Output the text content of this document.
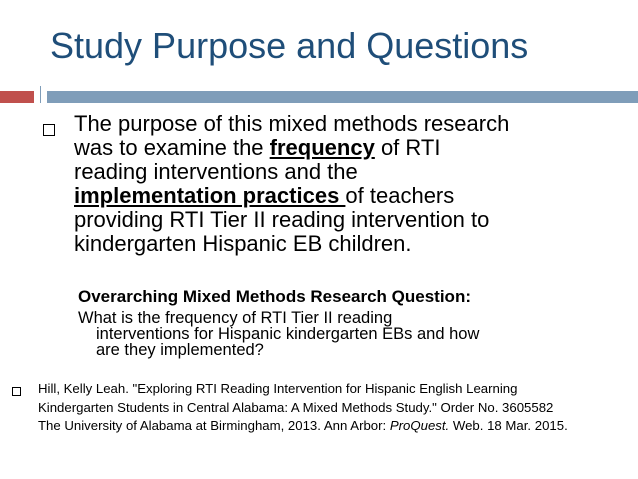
Study Purpose and Questions
The purpose of this mixed methods research
was to examine the frequency of RTI
reading interventions and the
implementation practices of teachers
providing RTI Tier II reading intervention to
kindergarten Hispanic EB children.
Overarching Mixed Methods Research Question:
What is the frequency of RTI Tier II reading
interventions for Hispanic kindergarten EBs and how
are they implemented?
Hill, Kelly Leah. "Exploring RTI Reading Intervention for Hispanic English Learning
Kindergarten Students in Central Alabama: A Mixed Methods Study." Order No. 3605582
The University of Alabama at Birmingham, 2013. Ann Arbor: ProQuest. Web. 18 Mar. 2015.
